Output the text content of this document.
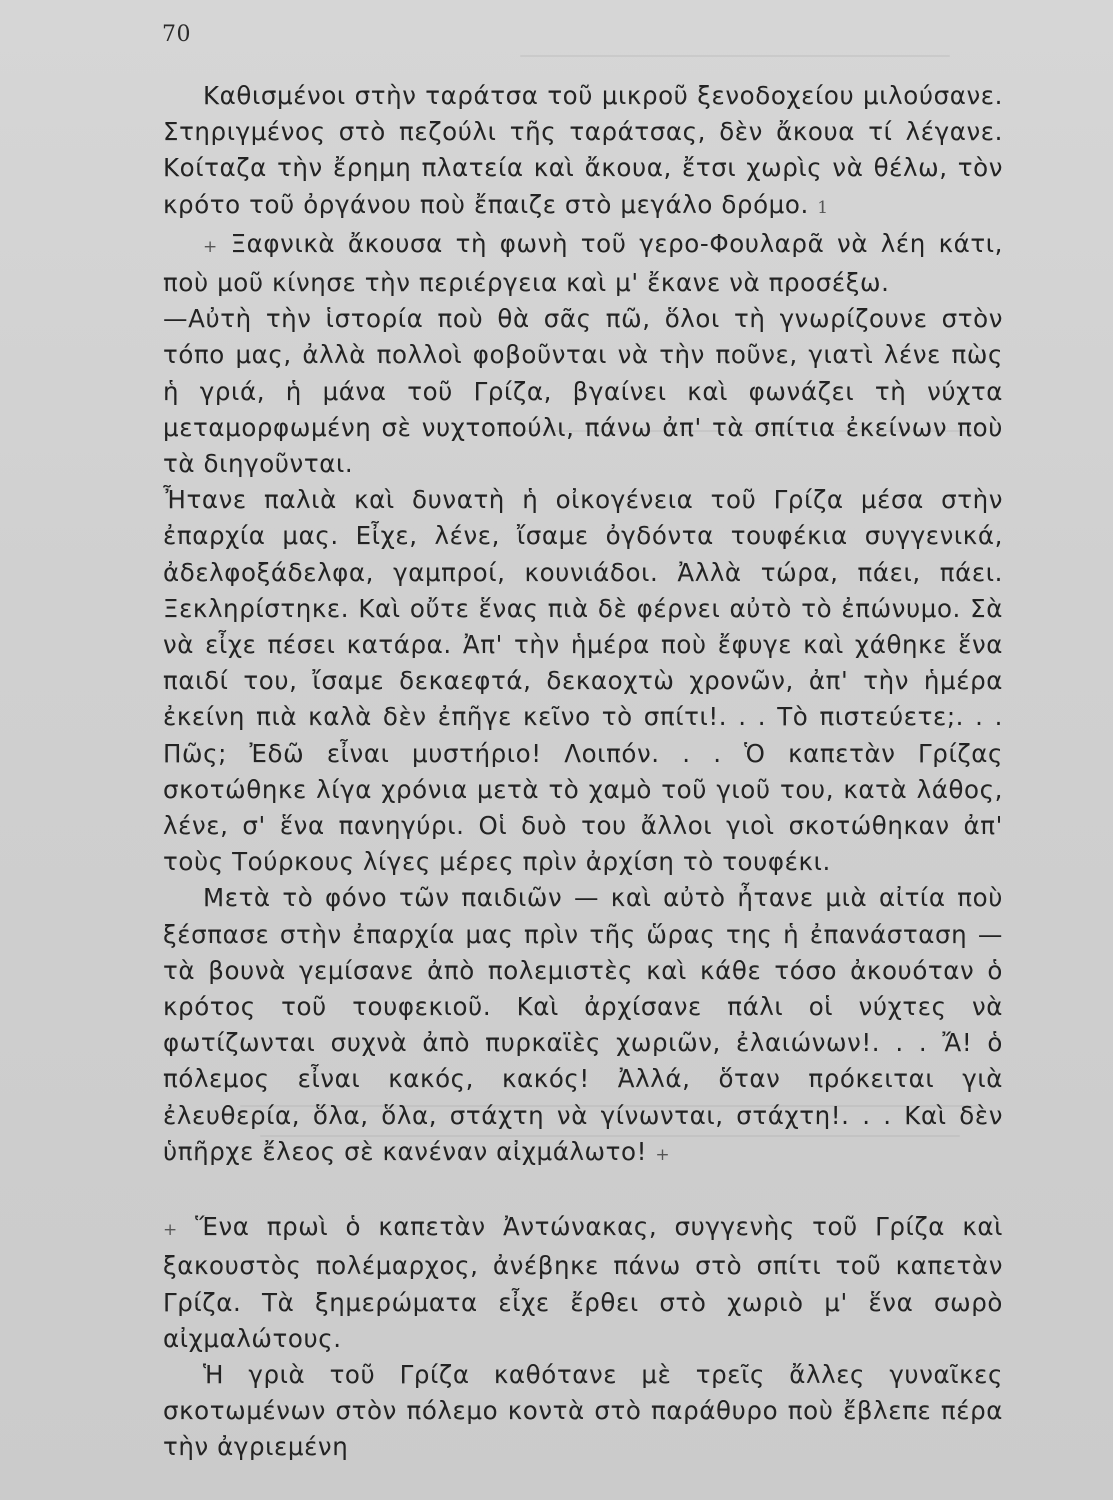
70

Καθισμένοι στὴν ταράτσα τοῦ μικροῦ ξενοδοχείου μιλούσανε. Στηριγμένος στὸ πεζούλι τῆς ταράτσας, δὲν ἄκουα τί λέγανε. Κοίταζα τὴν ἔρημη πλατεία καὶ ἄκουα, ἔτσι χωρὶς νὰ θέλω, τὸν κρότο τοῦ ὀργάνου ποὺ ἔπαιζε στὸ μεγάλο δρόμο. 1

+ Ξαφνικὰ ἄκουσα τὴ φωνὴ τοῦ γερο-Φουλαρᾶ νὰ λέη κάτι, ποὺ μοῦ κίνησε τὴν περιέργεια καὶ μ' ἔκανε νὰ προσέξω.

—Αὐτὴ τὴν ἱστορία ποὺ θὰ σᾶς πῶ, ὅλοι τὴ γνωρίζουνε στὸν τόπο μας, ἀλλὰ πολλοὶ φοβοῦνται νὰ τὴν ποῦνε, γιατὶ λένε πὼς ἡ γριά, ἡ μάνα τοῦ Γρίζα, βγαίνει καὶ φωνάζει τὴ νύχτα μεταμορφωμένη σὲ νυχτοπούλι, πάνω ἀπ' τὰ σπίτια ἐκείνων ποὺ τὰ διηγοῦνται.

Ἦτανε παλιὰ καὶ δυνατὴ ἡ οἰκογένεια τοῦ Γρίζα μέσα στὴν ἐπαρχία μας. Εἶχε, λένε, ἴσαμε ὀγδόντα τουφέκια συγγενικά, ἀδελφοξάδελφα, γαμπροί, κουνιάδοι. Ἀλλὰ τώρα, πάει, πάει. Ξεκληρίστηκε. Καὶ οὔτε ἕνας πιὰ δὲ φέρνει αὐτὸ τὸ ἐπώνυμο. Σὰ νὰ εἶχε πέσει κατάρα. Ἀπ' τὴν ἡμέρα ποὺ ἔφυγε καὶ χάθηκε ἕνα παιδί του, ἴσαμε δεκαεφτά, δεκαοχτὼ χρονῶν, ἀπ' τὴν ἡμέρα ἐκείνη πιὰ καλὰ δὲν ἐπῆγε κεῖνο τὸ σπίτι!. . . Τὸ πιστεύετε;. . . Πῶς; Ἐδῶ εἶναι μυστήριο! Λοιπόν. . . Ὁ καπετὰν Γρίζας σκοτώθηκε λίγα χρόνια μετὰ τὸ χαμὸ τοῦ γιοῦ του, κατὰ λάθος, λένε, σ' ἕνα πανηγύρι. Οἱ δυὸ του ἄλλοι γιοὶ σκοτώθηκαν ἀπ' τοὺς Τούρκους λίγες μέρες πρὶν ἀρχίση τὸ τουφέκι.

Μετὰ τὸ φόνο τῶν παιδιῶν — καὶ αὐτὸ ἦτανε μιὰ αἰτία ποὺ ξέσπασε στὴν ἐπαρχία μας πρὶν τῆς ὥρας της ἡ ἐπανάσταση — τὰ βουνὰ γεμίσανε ἀπὸ πολεμιστὲς καὶ κάθε τόσο ἀκουόταν ὁ κρότος τοῦ τουφεκιοῦ. Καὶ ἀρχίσανε πάλι οἱ νύχτες νὰ φωτίζωνται συχνὰ ἀπὸ πυρκαϊὲς χωριῶν, ἐλαιώνων!. . . Ἄ! ὁ πόλεμος εἶναι κακός, κακός! Ἀλλά, ὅταν πρόκειται γιὰ ἐλευθερία, ὅλα, ὅλα, στάχτη νὰ γίνωνται, στάχτη!. . . Καὶ δὲν ὑπῆρχε ἔλεος σὲ κανέναν αἰχμάλωτο! +

+ Ἕνα πρωὶ ὁ καπετὰν Ἀντώνακας, συγγενὴς τοῦ Γρίζα καὶ ξακουστὸς πολέμαρχος, ἀνέβηκε πάνω στὸ σπίτι τοῦ καπετὰν Γρίζα. Τὰ ξημερώματα εἶχε ἔρθει στὸ χωριὸ μ' ἕνα σωρὸ αἰχμαλώτους.

Ἡ γριὰ τοῦ Γρίζα καθότανε μὲ τρεῖς ἄλλες γυναῖκες σκοτωμένων στὸν πόλεμο κοντὰ στὸ παράθυρο ποὺ ἔβλεπε πέρα τὴν ἀγριεμένη
